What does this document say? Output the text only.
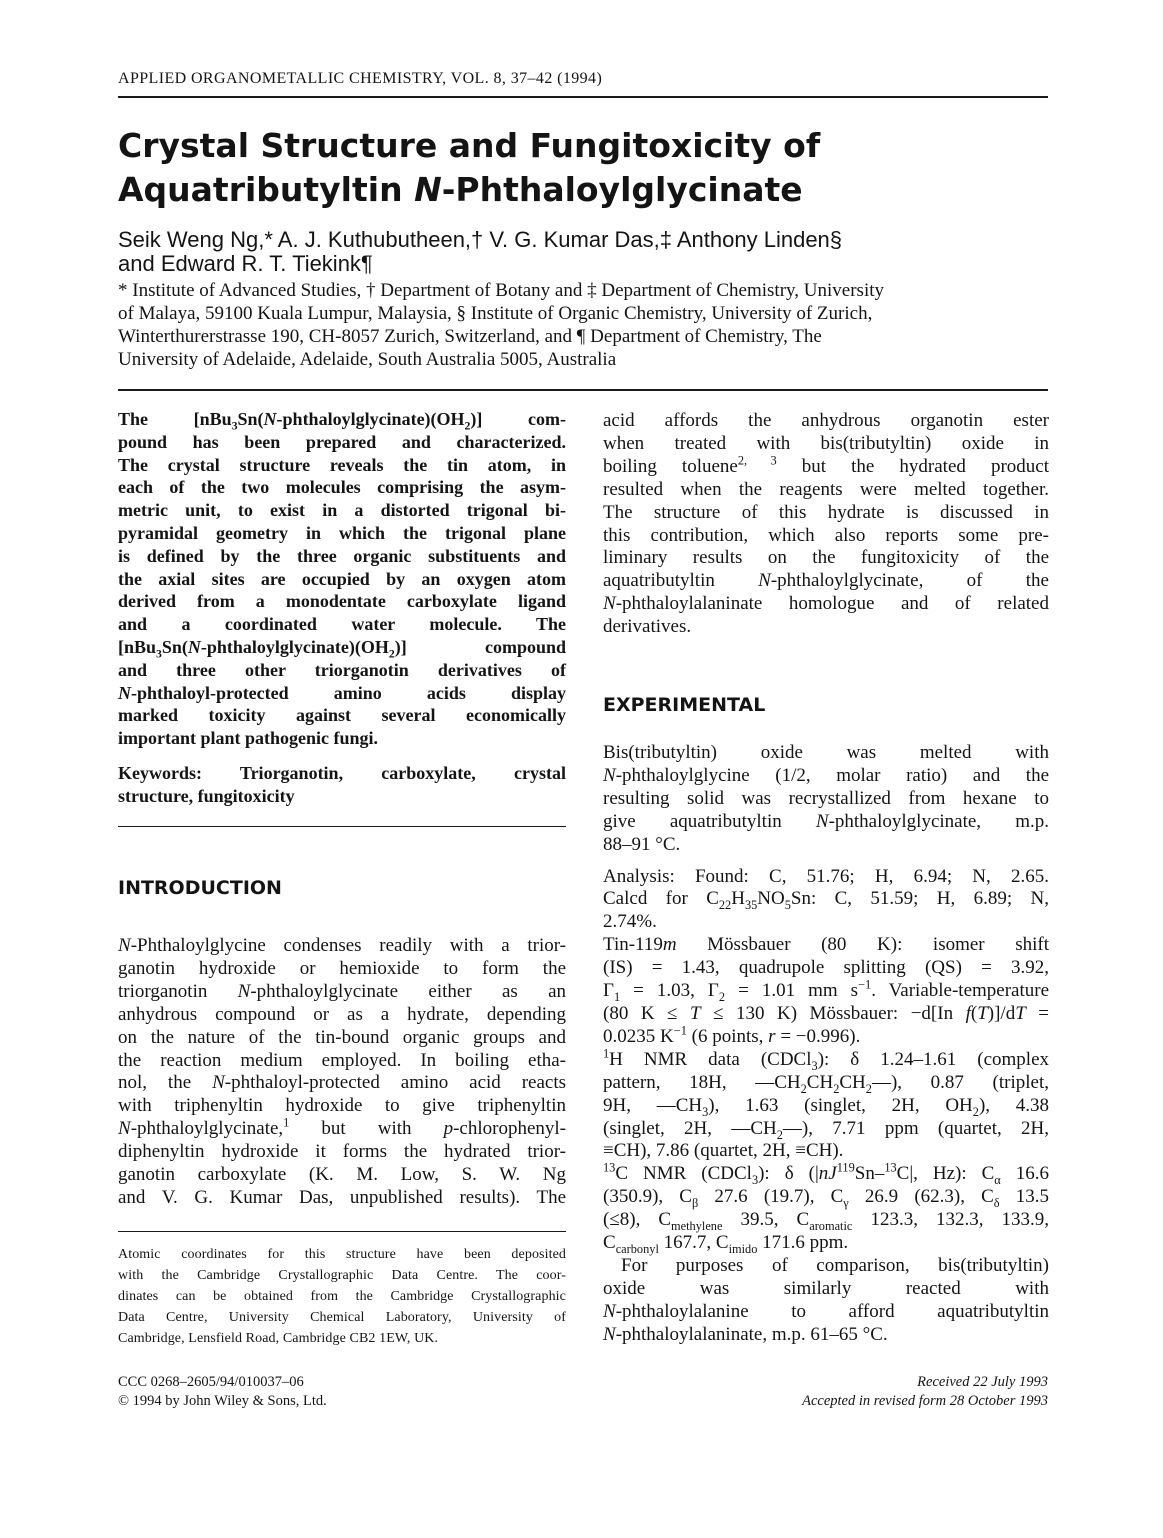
APPLIED ORGANOMETALLIC CHEMISTRY, VOL. 8, 37–42 (1994)
Crystal Structure and Fungitoxicity of
Aquatributyltin N-Phthaloylglycinate
Seik Weng Ng,* A. J. Kuthubutheen,† V. G. Kumar Das,‡ Anthony Linden§
and Edward R. T. Tiekink¶
* Institute of Advanced Studies, † Department of Botany and ‡ Department of Chemistry, University
of Malaya, 59100 Kuala Lumpur, Malaysia, § Institute of Organic Chemistry, University of Zurich,
Winterthurerstrasse 190, CH-8057 Zurich, Switzerland, and ¶ Department of Chemistry, The
University of Adelaide, Adelaide, South Australia 5005, Australia
The $[nBu_3Sn(N-phthaloylglycinate)(OH_2)]$ com-
pound has been prepared and characterized.
The crystal structure reveals the tin atom, in
each of the two molecules comprising the asym-
metric unit, to exist in a distorted trigonal bi-
pyramidal geometry in which the trigonal plane
is defined by the three organic substituents and
the axial sites are occupied by an oxygen atom
derived from a monodentate carboxylate ligand
and a coordinated water molecule. The
$[nBu_3Sn(N-phthaloylglycinate)(OH_2)]$ compound
and three other triorganotin derivatives of
N-phthaloyl-protected amino acids display
marked toxicity against several economically
important plant pathogenic fungi.
Keywords: Triorganotin, carboxylate, crystal
structure, fungitoxicity
INTRODUCTION
N-Phthaloylglycine condenses readily with a trior-
ganotin hydroxide or hemioxide to form the
triorganotin N-phthaloylglycinate either as an
anhydrous compound or as a hydrate, depending
on the nature of the tin-bound organic groups and
the reaction medium employed. In boiling etha-
nol, the N-phthaloyl-protected amino acid reacts
with triphenyltin hydroxide to give triphenyltin
N-phthaloylglycinate,$^1$ but with p-chlorophenyl-
diphenyltin hydroxide it forms the hydrated trior-
ganotin carboxylate (K. M. Low, S. W. Ng
and V. G. Kumar Das, unpublished results). The
Atomic coordinates for this structure have been deposited
with the Cambridge Crystallographic Data Centre. The coor-
dinates can be obtained from the Cambridge Crystallographic
Data Centre, University Chemical Laboratory, University of
Cambridge, Lensfield Road, Cambridge CB2 1EW, UK.
CCC 0268–2605/94/010037–06
© 1994 by John Wiley & Sons, Ltd.
acid affords the anhydrous organotin ester
when treated with bis(tributyltin) oxide in
boiling toluene$^{2, 3}$ but the hydrated product
resulted when the reagents were melted together.
The structure of this hydrate is discussed in
this contribution, which also reports some pre-
liminary results on the fungitoxicity of the
aquatributyltin N-phthaloylglycinate, of the
N-phthaloylalaninate homologue and of related
derivatives.
EXPERIMENTAL
Bis(tributyltin) oxide was melted with
N-phthaloylglycine (1/2, molar ratio) and the
resulting solid was recrystallized from hexane to
give aquatributyltin N-phthaloylglycinate, m.p.
88–91 °C.
Analysis: Found: C, 51.76; H, 6.94; N, 2.65.
Calcd for $C_{22}H_{35}NO_5Sn$: C, 51.59; H, 6.89; N,
2.74%.
Tin-119m Mössbauer (80 K): isomer shift
(IS) = 1.43, quadrupole splitting (QS) = 3.92,
$\Gamma_1 = 1.03$, $\Gamma_2 = 1.01$ mm $s^{-1}$. Variable-temperature
(80 K ≤ T ≤ 130 K) Mössbauer: −d[In f(T)]/dT =
0.0235 $K^{-1}$ (6 points, r = −0.996).
$^1$H NMR data (CDCl$_3$): δ 1.24–1.61 (complex
pattern, 18H, $—CH_2CH_2CH_2—$), 0.87 (triplet,
9H, $—CH_3$), 1.63 (singlet, 2H, $OH_2$), 4.38
(singlet, 2H, $—CH_2—$), 7.71 ppm (quartet, 2H,
≡CH), 7.86 (quartet, 2H, ≡CH).
$^{13}$C NMR (CDCl$_3$): δ ($|nJ^{119}Sn-^{13}C|$, Hz): $C_\alpha$ 16.6
(350.9), $C_\beta$ 27.6 (19.7), $C_\gamma$ 26.9 (62.3), $C_\delta$ 13.5
(≤8), $C_{methylene}$ 39.5, $C_{aromatic}$ 123.3, 132.3, 133.9,
$C_{carbonyl}$ 167.7, $C_{imido}$ 171.6 ppm.
For purposes of comparison, bis(tributyltin)
oxide was similarly reacted with
N-phthaloylalanine to afford aquatributyltin
N-phthaloylalaninate, m.p. 61–65 °C.
Received 22 July 1993
Accepted in revised form 28 October 1993
